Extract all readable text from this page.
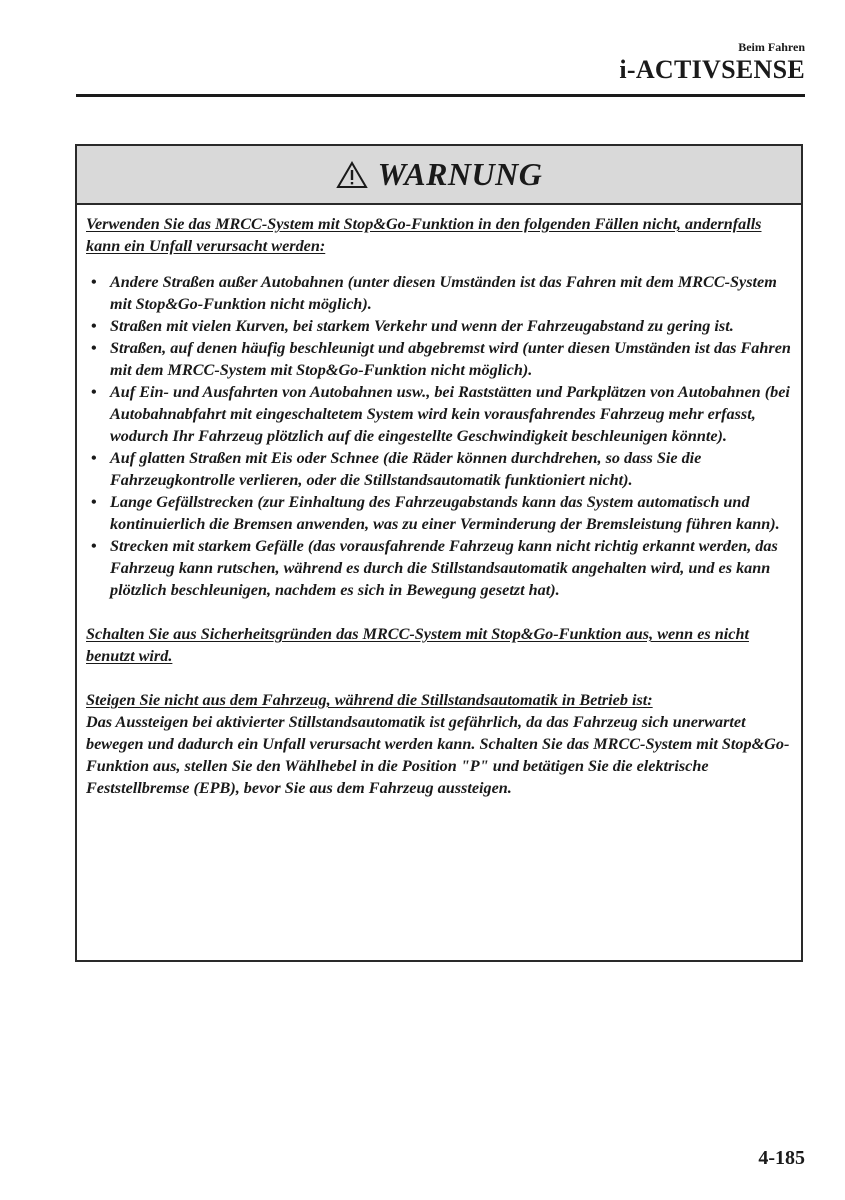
Beim Fahren
i-ACTIVSENSE
WARNUNG

Verwenden Sie das MRCC-System mit Stop&Go-Funktion in den folgenden Fällen nicht, andernfalls kann ein Unfall verursacht werden:

• Andere Straßen außer Autobahnen (unter diesen Umständen ist das Fahren mit dem MRCC-System mit Stop&Go-Funktion nicht möglich).
• Straßen mit vielen Kurven, bei starkem Verkehr und wenn der Fahrzeugabstand zu gering ist.
• Straßen, auf denen häufig beschleunigt und abgebremst wird (unter diesen Umständen ist das Fahren mit dem MRCC-System mit Stop&Go-Funktion nicht möglich).
• Auf Ein- und Ausfahrten von Autobahnen usw., bei Raststätten und Parkplätzen von Autobahnen (bei Autobahnabfahrt mit eingeschaltetem System wird kein vorausfahrendes Fahrzeug mehr erfasst, wodurch Ihr Fahrzeug plötzlich auf die eingestellte Geschwindigkeit beschleunigen könnte).
• Auf glatten Straßen mit Eis oder Schnee (die Räder können durchdrehen, so dass Sie die Fahrzeugkontrolle verlieren, oder die Stillstandsautomatik funktioniert nicht).
• Lange Gefällstrecken (zur Einhaltung des Fahrzeugabstands kann das System automatisch und kontinuierlich die Bremsen anwenden, was zu einer Verminderung der Bremsleistung führen kann).
• Strecken mit starkem Gefälle (das vorausfahrende Fahrzeug kann nicht richtig erkannt werden, das Fahrzeug kann rutschen, während es durch die Stillstandsautomatik angehalten wird, und es kann plötzlich beschleunigen, nachdem es sich in Bewegung gesetzt hat).

Schalten Sie aus Sicherheitsgründen das MRCC-System mit Stop&Go-Funktion aus, wenn es nicht benutzt wird.

Steigen Sie nicht aus dem Fahrzeug, während die Stillstandsautomatik in Betrieb ist:

Das Aussteigen bei aktivierter Stillstandsautomatik ist gefährlich, da das Fahrzeug sich unerwartet bewegen und dadurch ein Unfall verursacht werden kann. Schalten Sie das MRCC-System mit Stop&Go-Funktion aus, stellen Sie den Wählhebel in die Position "P" und betätigen Sie die elektrische Feststellbremse (EPB), bevor Sie aus dem Fahrzeug aussteigen.

4-185
